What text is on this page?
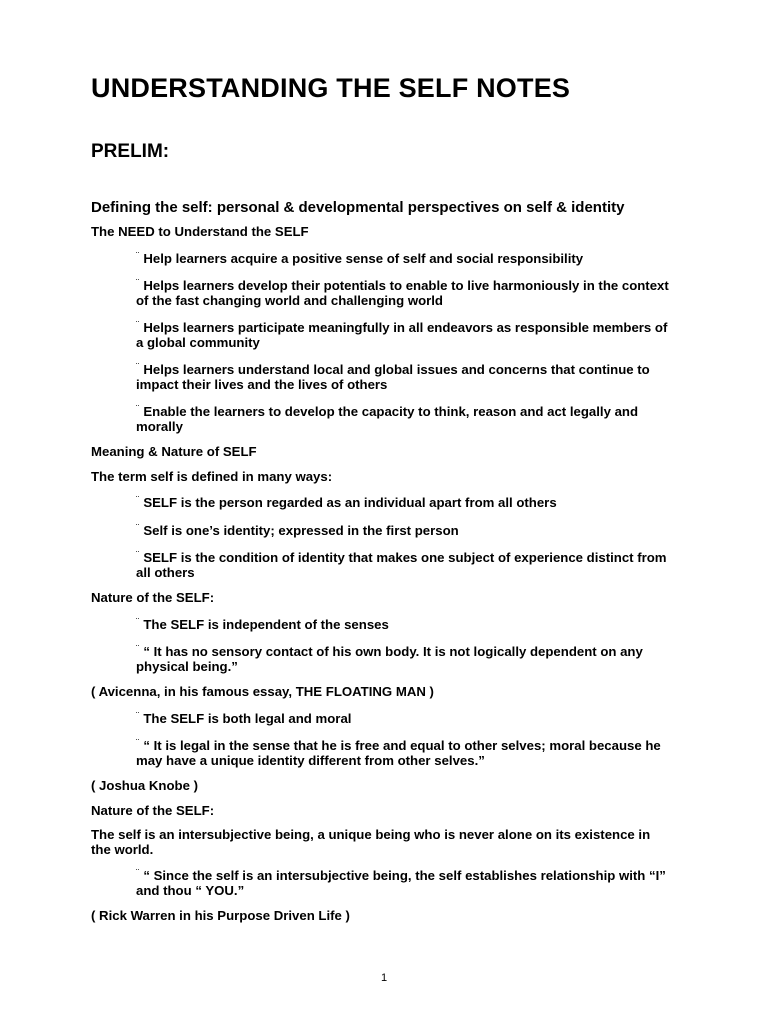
UNDERSTANDING THE SELF NOTES
PRELIM:
Defining the self: personal & developmental perspectives on self & identity
The NEED to Understand the SELF
¨ Help learners acquire a positive sense of self and social responsibility
¨ Helps learners develop their potentials to enable to live harmoniously in the context of the fast changing world and challenging world
¨ Helps learners participate meaningfully in all endeavors as responsible members of a global community
¨ Helps learners understand local and global issues and concerns that continue to impact their lives and the lives of others
¨ Enable the learners to develop the capacity to think, reason and act legally and morally
Meaning & Nature of SELF
The term self is defined in many ways:
¨ SELF is the person regarded as an individual apart from all others
¨ Self is one’s identity; expressed in the first person
¨ SELF is the condition of identity that makes one subject of experience distinct from all others
Nature of the SELF:
¨ The SELF is independent of the senses
¨ “ It has no sensory contact of his own body. It is not logically dependent on any physical being.”
( Avicenna, in his famous essay, THE FLOATING MAN )
¨ The SELF is both legal and moral
¨ “ It is legal in the sense that he is free and equal to other selves; moral because he may have a unique identity different from other selves.”
( Joshua Knobe )
Nature of the SELF:
The self is an intersubjective being, a unique being who is never alone on its existence in the world.
¨ “ Since the self is an intersubjective being, the self establishes relationship with “I” and thou “ YOU.”
( Rick Warren in his Purpose Driven Life )
1
